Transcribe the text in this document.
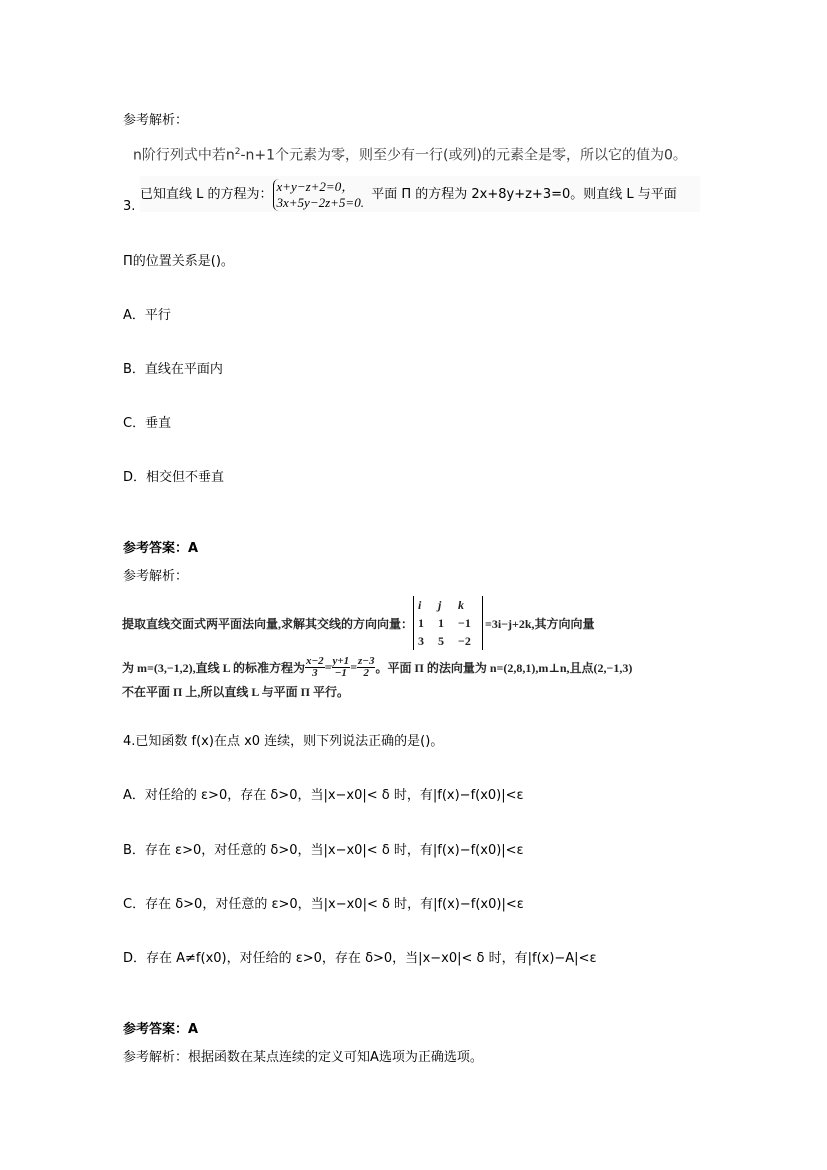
参考解析：
n阶行列式中若$n^2-n+1$个元素为零，则至少有一行(或列)的元素全是零，所以它的值为0。
3.
已知直线 L 的方程为：
x+y−z+2=0，
3x+5y−2z+5=0.
平面 Π 的方程为 2x+8y+z+3=0。则直线 L 与平面
Π的位置关系是()。
A．平行
B．直线在平面内
C．垂直
D．相交但不垂直
参考答案：A
参考解析：
提取直线交面式两平面法向量,求解其交线的方向向量：
i	j	k
1	1	−1
3	5	−2
=3i−j+2k,其方向向量
为 m=(3,−1,2),直线 L 的标准方程为 $\frac{x-2}{3} = \frac{y+1}{-1} = \frac{z-3}{2}$ 。平面 Π 的法向量为 n=(2,8,1),m⊥n,且点(2,−1,3)
不在平面 Π 上,所以直线 L 与平面 Π 平行。
4.已知函数 f(x)在点 x0 连续，则下列说法正确的是()。
A．对任给的 ε>0，存在 δ>0，当|x−x0|< δ 时，有|f(x)−f(x0)|<ε
B．存在 ε>0，对任意的 δ>0，当|x−x0|< δ 时，有|f(x)−f(x0)|<ε
C．存在 δ>0，对任意的 ε>0，当|x−x0|< δ 时，有|f(x)−f(x0)|<ε
D．存在 A≠f(x0)，对任给的 ε>0，存在 δ>0，当|x−x0|< δ 时，有|f(x)−A|<ε
参考答案：A
参考解析：根据函数在某点连续的定义可知A选项为正确选项。
